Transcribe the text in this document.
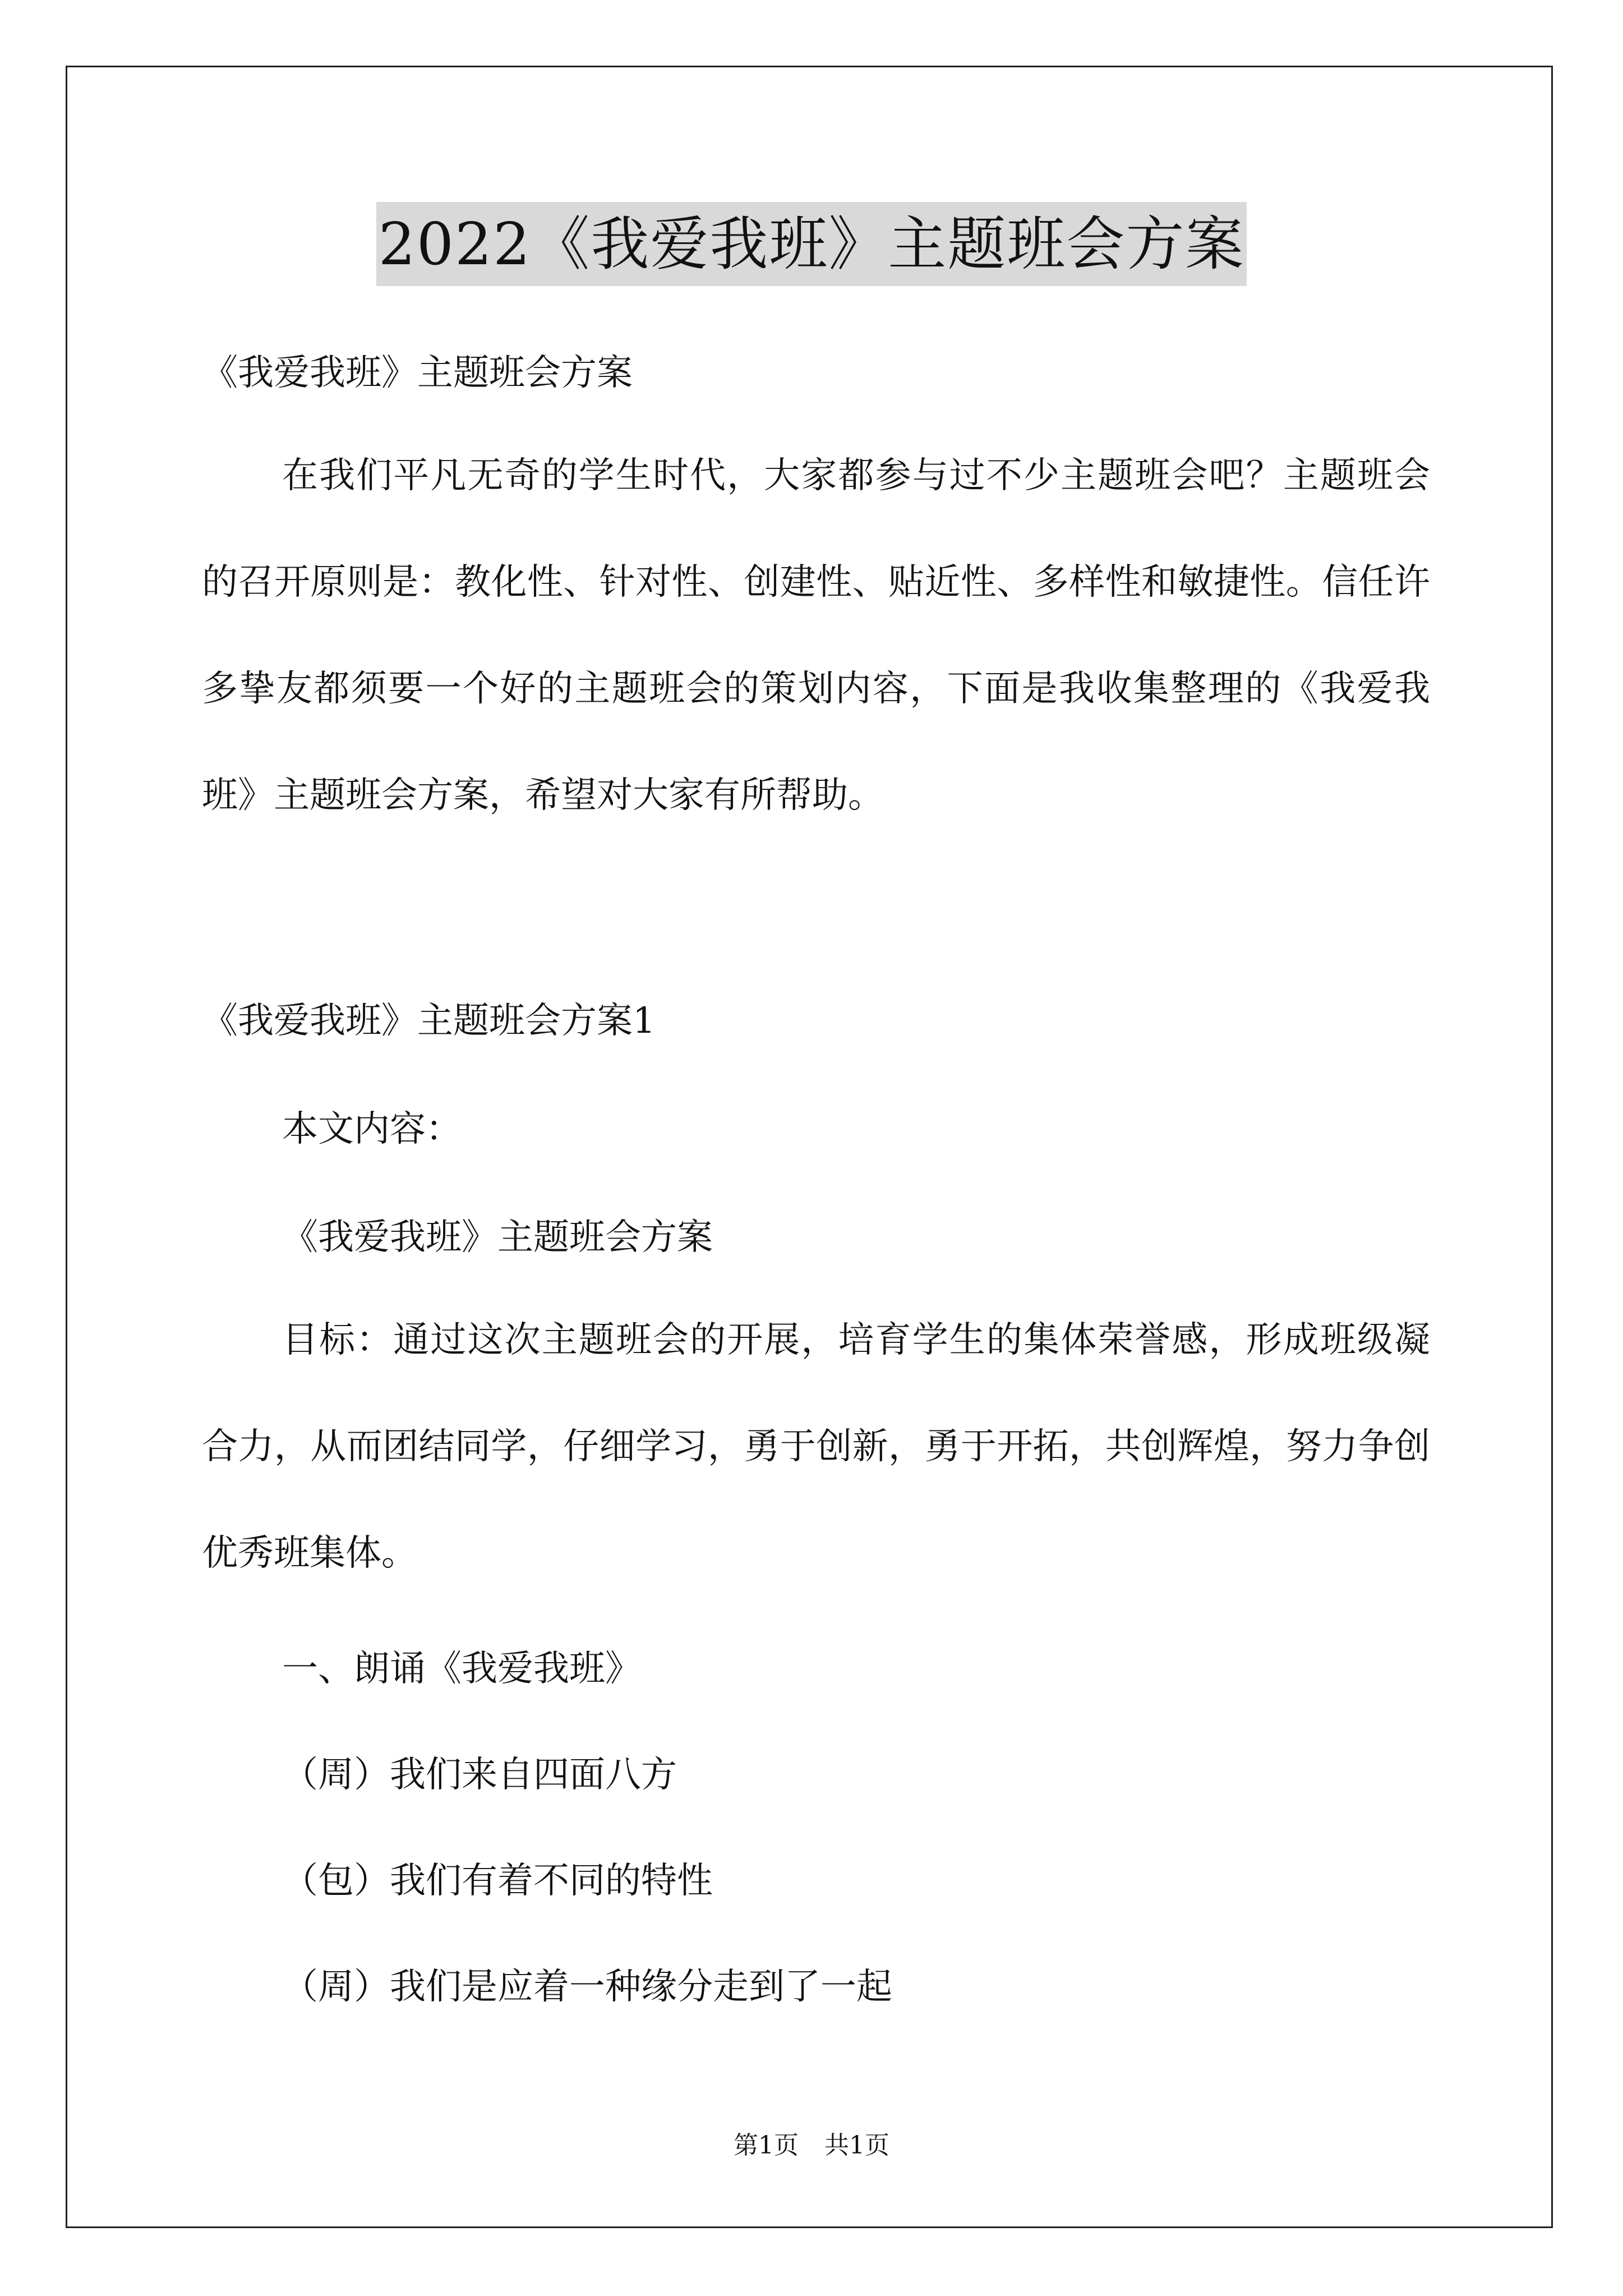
2022《我爱我班》主题班会方案
《我爱我班》主题班会方案
在我们平凡无奇的学生时代，大家都参与过不少主题班会吧？主题班会的召开原则是：教化性、针对性、创建性、贴近性、多样性和敏捷性。信任许多挚友都须要一个好的主题班会的策划内容，下面是我收集整理的《我爱我班》主题班会方案，希望对大家有所帮助。
《我爱我班》主题班会方案1
本文内容：
《我爱我班》主题班会方案
目标：通过这次主题班会的开展，培育学生的集体荣誉感，形成班级凝合力，从而团结同学，仔细学习，勇于创新，勇于开拓，共创辉煌，努力争创优秀班集体。
一、朗诵《我爱我班》
（周）我们来自四面八方
（包）我们有着不同的特性
（周）我们是应着一种缘分走到了一起
第1页 共1页
